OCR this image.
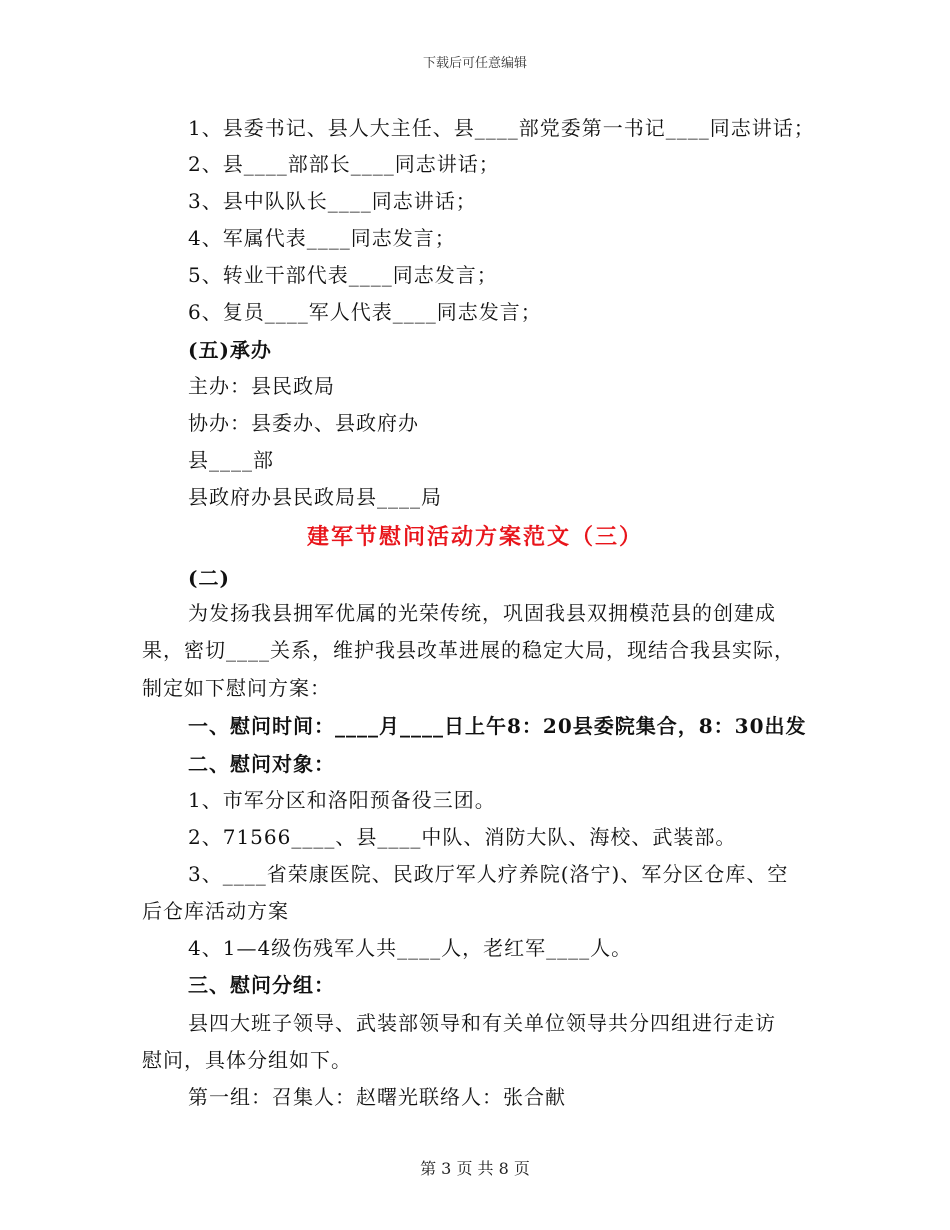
下载后可任意编辑
1、县委书记、县人大主任、县____部党委第一书记____同志讲话；
2、县____部部长____同志讲话；
3、县中队队长____同志讲话；
4、军属代表____同志发言；
5、转业干部代表____同志发言；
6、复员____军人代表____同志发言；
(五)承办
主办：县民政局
协办：县委办、县政府办
县____部
县政府办县民政局县____局
建军节慰问活动方案范文（三）
(二)
为发扬我县拥军优属的光荣传统，巩固我县双拥模范县的创建成
果，密切____关系，维护我县改革进展的稳定大局，现结合我县实际，
制定如下慰问方案：
一、慰问时间：____月____日上午8：20县委院集合，8：30出发
二、慰问对象：
1、市军分区和洛阳预备役三团。
2、71566____、县____中队、消防大队、海校、武装部。
3、____省荣康医院、民政厅军人疗养院(洛宁)、军分区仓库、空
后仓库活动方案
4、1—4级伤残军人共____人，老红军____人。
三、慰问分组：
县四大班子领导、武装部领导和有关单位领导共分四组进行走访
慰问，具体分组如下。
第一组：召集人：赵曙光联络人：张合献
第 3 页 共 8 页
